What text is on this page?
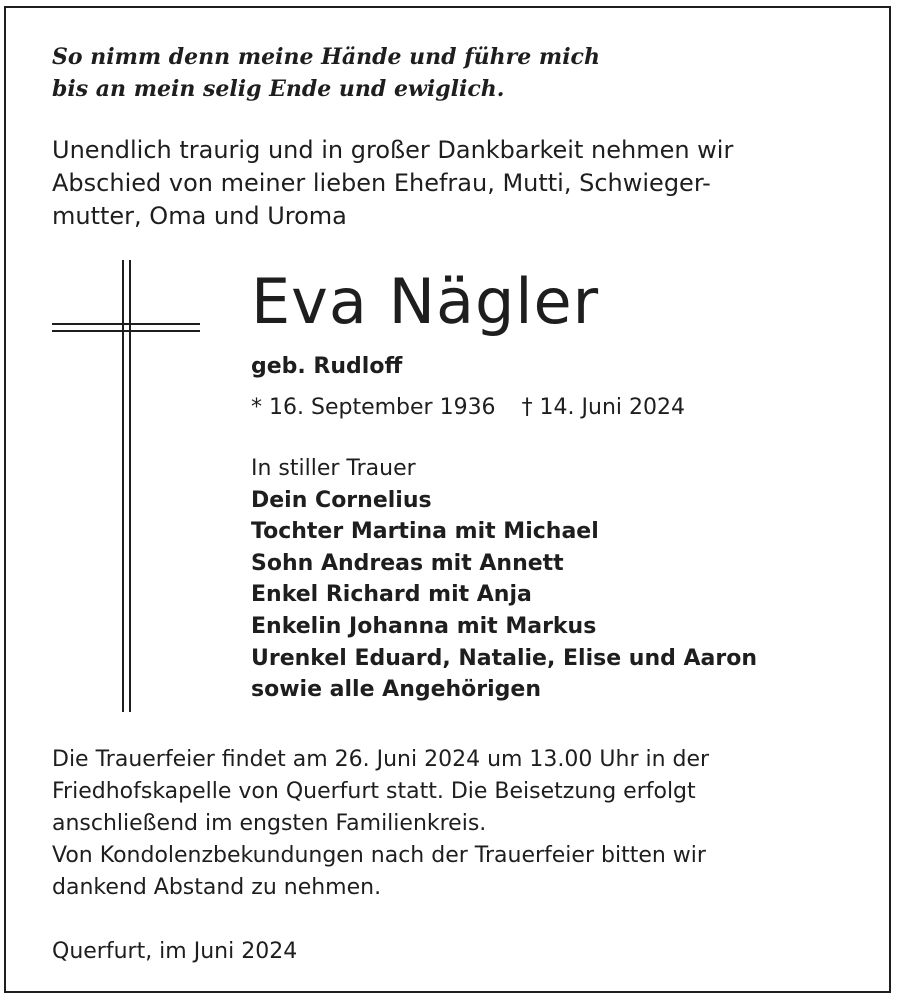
So nimm denn meine Hände und führe mich
bis an mein selig Ende und ewiglich.
Unendlich traurig und in großer Dankbarkeit nehmen wir
Abschied von meiner lieben Ehefrau, Mutti, Schwieger-
mutter, Oma und Uroma
Eva Nägler
geb. Rudloff
* 16. September 1936 † 14. Juni 2024
In stiller Trauer
Dein Cornelius
Tochter Martina mit Michael
Sohn Andreas mit Annett
Enkel Richard mit Anja
Enkelin Johanna mit Markus
Urenkel Eduard, Natalie, Elise und Aaron
sowie alle Angehörigen
Die Trauerfeier findet am 26. Juni 2024 um 13.00 Uhr in der
Friedhofskapelle von Querfurt statt. Die Beisetzung erfolgt
anschließend im engsten Familienkreis.
Von Kondolenzbekundungen nach der Trauerfeier bitten wir
dankend Abstand zu nehmen.
Querfurt, im Juni 2024
